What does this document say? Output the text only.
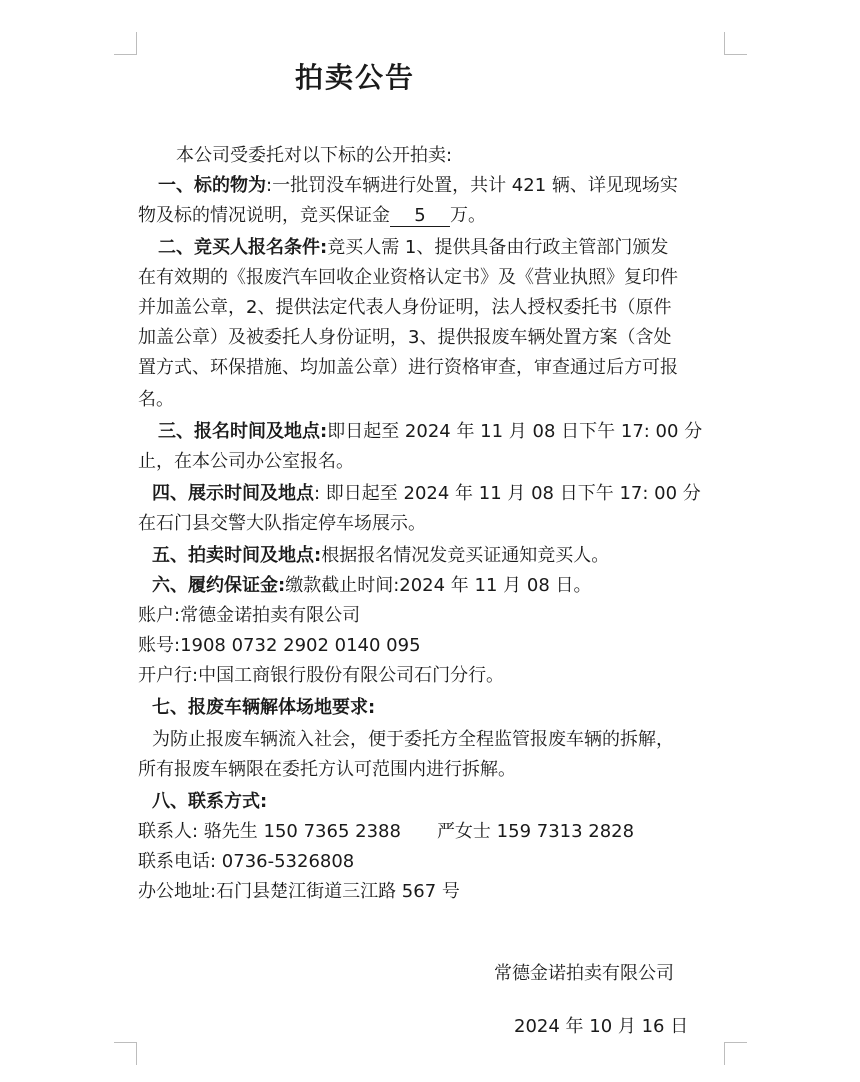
拍卖公告
本公司受委托对以下标的公开拍卖:
一、标的物为:一批罚没车辆进行处置，共计 421 辆、详见现场实
物及标的情况说明，竞买保证金 5 万。
二、竞买人报名条件:竞买人需 1、提供具备由行政主管部门颁发
在有效期的《报废汽车回收企业资格认定书》及《营业执照》复印件
并加盖公章，2、提供法定代表人身份证明，法人授权委托书（原件
加盖公章）及被委托人身份证明，3、提供报废车辆处置方案（含处
置方式、环保措施、均加盖公章）进行资格审查，审查通过后方可报
名。
三、报名时间及地点:即日起至 2024 年 11 月 08 日下午 17: 00 分
止，在本公司办公室报名。
四、展示时间及地点: 即日起至 2024 年 11 月 08 日下午 17: 00 分
在石门县交警大队指定停车场展示。
五、拍卖时间及地点:根据报名情况发竞买证通知竞买人。
六、履约保证金:缴款截止时间:2024 年 11 月 08 日。
账户:常德金诺拍卖有限公司
账号:1908 0732 2902 0140 095
开户行:中国工商银行股份有限公司石门分行。
七、报废车辆解体场地要求:
为防止报废车辆流入社会，便于委托方全程监管报废车辆的拆解，
所有报废车辆限在委托方认可范围内进行拆解。
八、联系方式:
联系人: 骆先生 150 7365 2388 严女士 159 7313 2828
联系电话: 0736-5326808
办公地址:石门县楚江街道三江路 567 号
常德金诺拍卖有限公司
2024 年 10 月 16 日
